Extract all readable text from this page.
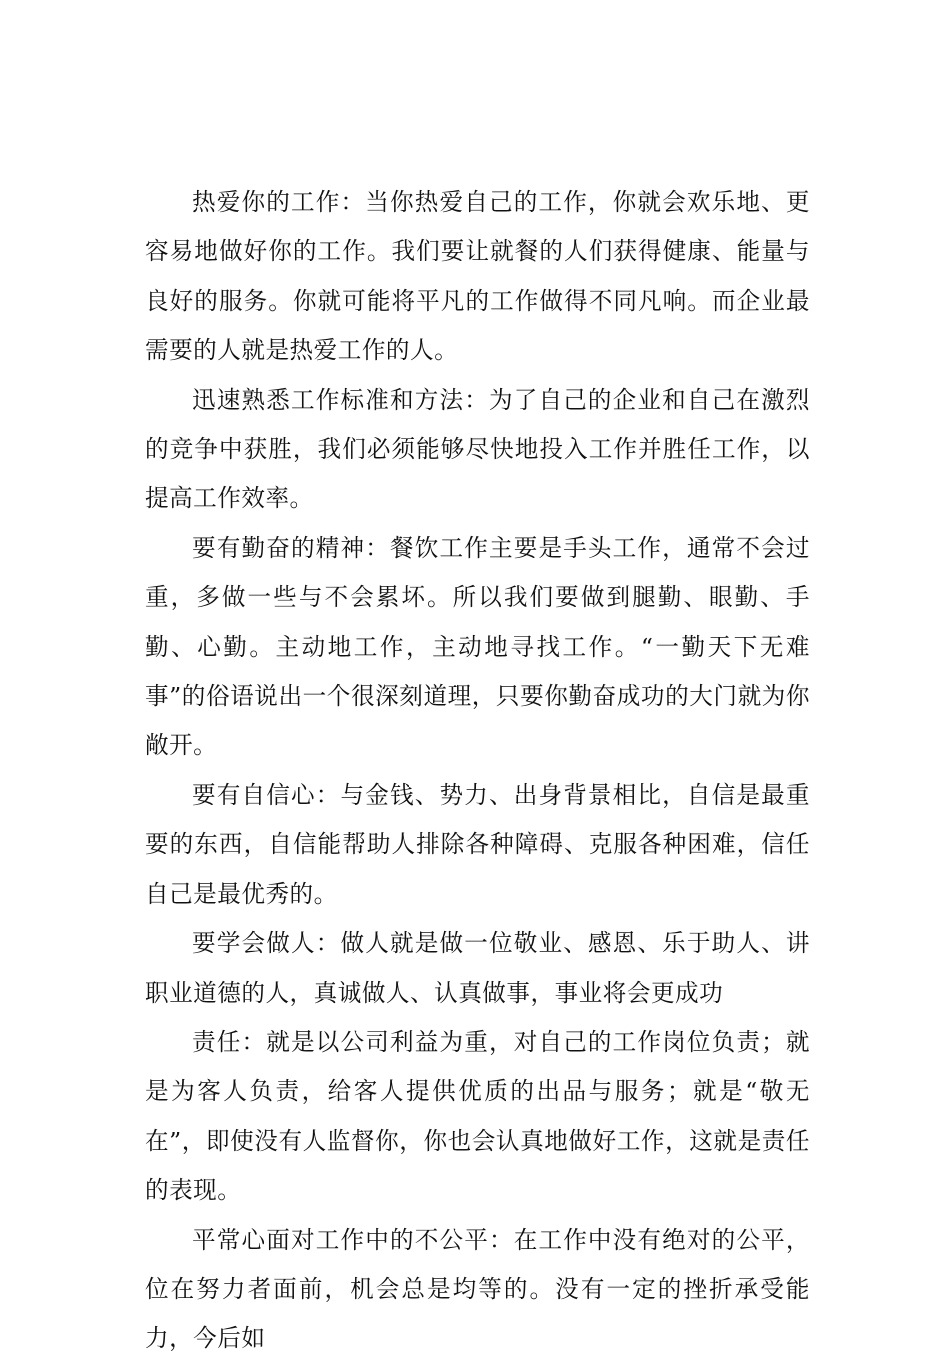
热爱你的工作：当你热爱自己的工作，你就会欢乐地、更容易地做好你的工作。我们要让就餐的人们获得健康、能量与良好的服务。你就可能将平凡的工作做得不同凡响。而企业最需要的人就是热爱工作的人。

迅速熟悉工作标准和方法：为了自己的企业和自己在激烈的竞争中获胜，我们必须能够尽快地投入工作并胜任工作，以提高工作效率。

要有勤奋的精神：餐饮工作主要是手头工作，通常不会过重，多做一些与不会累坏。所以我们要做到腿勤、眼勤、手勤、心勤。主动地工作，主动地寻找工作。“一勤天下无难事”的俗语说出一个很深刻道理，只要你勤奋成功的大门就为你敞开。

要有自信心：与金钱、势力、出身背景相比，自信是最重要的东西，自信能帮助人排除各种障碍、克服各种困难，信任自己是最优秀的。

要学会做人：做人就是做一位敬业、感恩、乐于助人、讲职业道德的人，真诚做人、认真做事，事业将会更成功

责任：就是以公司利益为重，对自己的工作岗位负责；就是为客人负责，给客人提供优质的出品与服务；就是“敬无在”，即使没有人监督你，你也会认真地做好工作，这就是责任的表现。

平常心面对工作中的不公平：在工作中没有绝对的公平，位在努力者面前，机会总是均等的。没有一定的挫折承受能力，今后如
